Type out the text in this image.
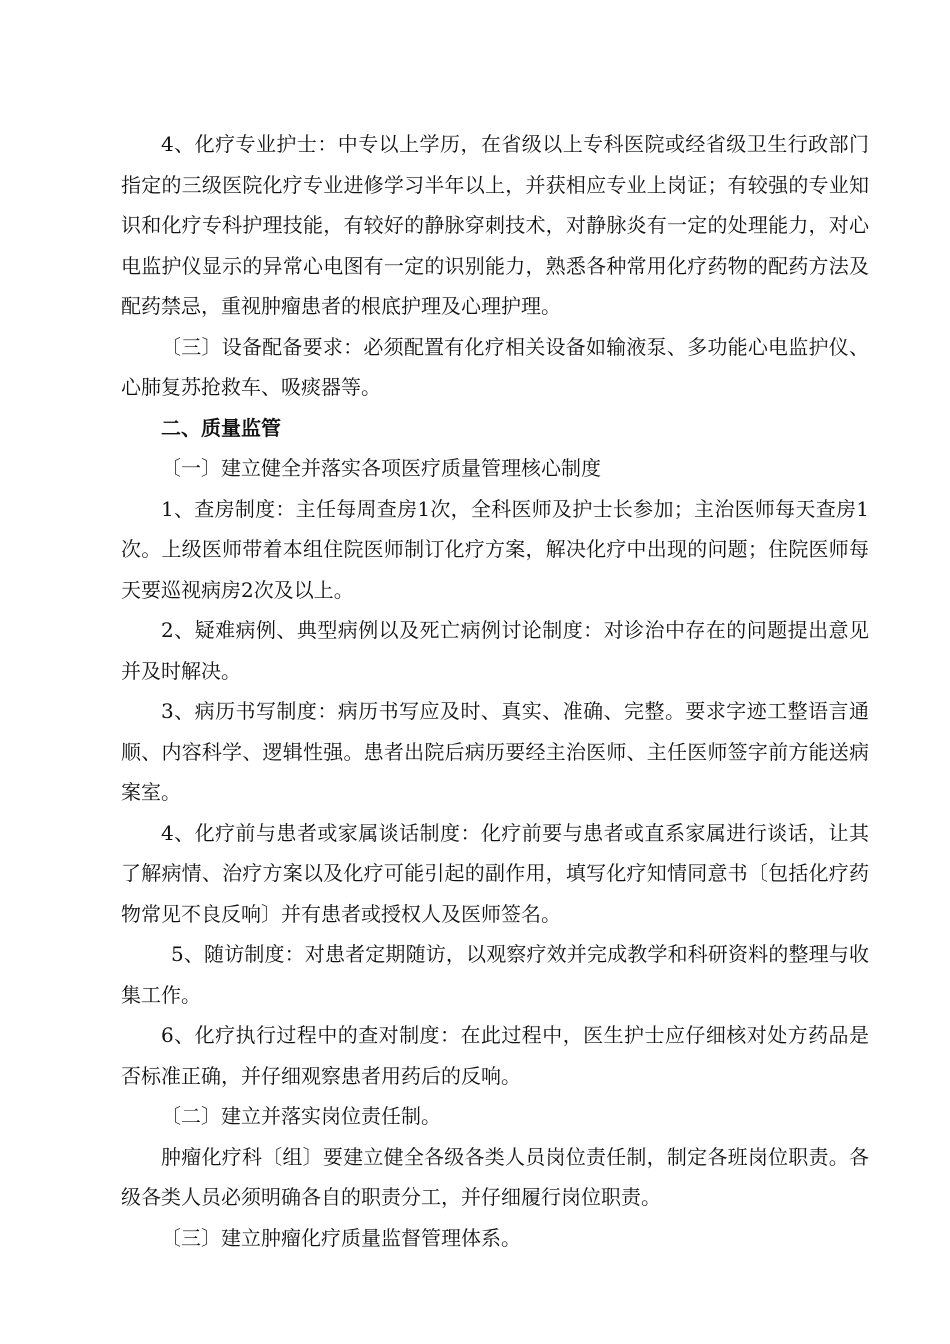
4、化疗专业护士：中专以上学历，在省级以上专科医院或经省级卫生行政部门指定的三级医院化疗专业进修学习半年以上，并获相应专业上岗证；有较强的专业知识和化疗专科护理技能，有较好的静脉穿刺技术，对静脉炎有一定的处理能力，对心电监护仪显示的异常心电图有一定的识别能力，熟悉各种常用化疗药物的配药方法及配药禁忌，重视肿瘤患者的根底护理及心理护理。

〔三〕设备配备要求：必须配置有化疗相关设备如输液泵、多功能心电监护仪、心肺复苏抢救车、吸痰器等。

二、质量监管

〔一〕建立健全并落实各项医疗质量管理核心制度

1、查房制度：主任每周查房1次，全科医师及护士长参加；主治医师每天查房1次。上级医师带着本组住院医师制订化疗方案，解决化疗中出现的问题；住院医师每天要巡视病房2次及以上。

2、疑难病例、典型病例以及死亡病例讨论制度：对诊治中存在的问题提出意见并及时解决。

3、病历书写制度：病历书写应及时、真实、准确、完整。要求字迹工整语言通顺、内容科学、逻辑性强。患者出院后病历要经主治医师、主任医师签字前方能送病案室。

4、化疗前与患者或家属谈话制度：化疗前要与患者或直系家属进行谈话，让其了解病情、治疗方案以及化疗可能引起的副作用，填写化疗知情同意书〔包括化疗药物常见不良反响〕并有患者或授权人及医师签名。

5、随访制度：对患者定期随访，以观察疗效并完成教学和科研资料的整理与收集工作。

6、化疗执行过程中的查对制度：在此过程中，医生护士应仔细核对处方药品是否标准正确，并仔细观察患者用药后的反响。

〔二〕建立并落实岗位责任制。

肿瘤化疗科〔组〕要建立健全各级各类人员岗位责任制，制定各班岗位职责。各级各类人员必须明确各自的职责分工，并仔细履行岗位职责。

〔三〕建立肿瘤化疗质量监督管理体系。
